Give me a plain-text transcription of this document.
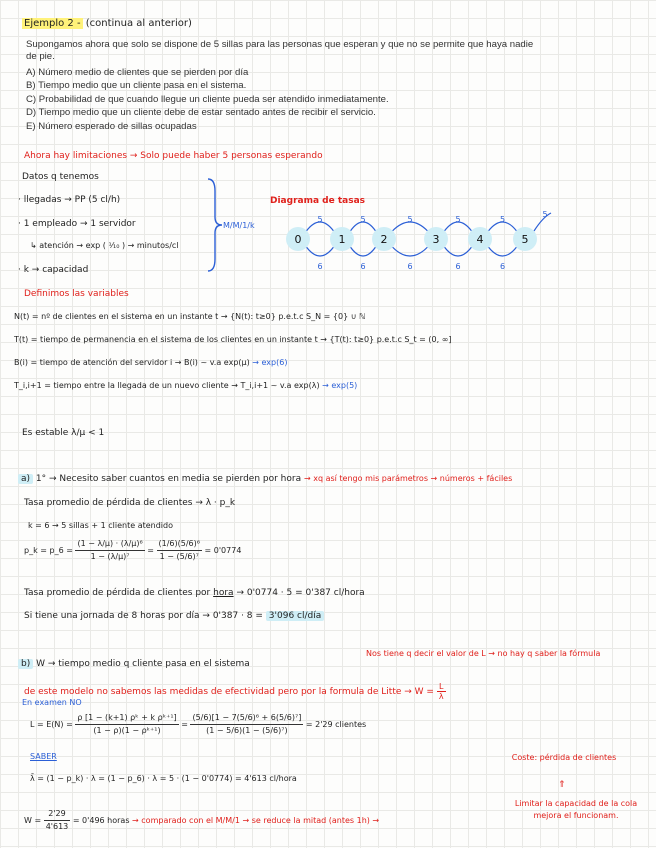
Ejemplo 2 - (continua al anterior)
Supongamos ahora que solo se dispone de 5 sillas para las personas que esperan y que no se permite que haya nadie
de pie.
A) Número medio de clientes que se pierden por día
B) Tiempo medio que un cliente pasa en el sistema.
C) Probabilidad de que cuando llegue un cliente pueda ser atendido inmediatamente.
D) Tiempo medio que un cliente debe de estar sentado antes de recibir el servicio.
E) Número esperado de sillas ocupadas
Ahora hay limitaciones → Solo puede haber 5 personas esperando
Datos q tenemos
· llegadas → PP (5 cl/h)
· 1 empleado → 1 servidor
↳ atención → exp ( ¹⁄₁₀ ) → minutos/cl
· k → capacidad
M/M/1/k
Diagrama de tasas
5
6
5
6
5
6
5
6
5
6
5
0	1	2	3	4	5
Definimos las variables
N(t) = nº de clientes en el sistema en un instante t → {N(t): t≥0} p.e.t.c S_N = {0} ∪ ℕ
T(t) = tiempo de permanencia en el sistema de los clientes en un instante t → {T(t): t≥0} p.e.t.c S_t = (0, ∞]
B(i) = tiempo de atención del servidor i → B(i) ~ v.a exp(μ) → exp(6)
T_i,i+1 = tiempo entre la llegada de un nuevo cliente → T_i,i+1 ~ v.a exp(λ) → exp(5)
Es estable λ/μ < 1
a) 1° → Necesito saber cuantos en media se pierden por hora → xq así tengo mis parámetros → números + fáciles
Tasa promedio de pérdida de clientes → λ · p_k
k = 6 → 5 sillas + 1 cliente atendido
p_k = p_6 = $\frac{\text{(1 − λ/μ) · (λ/μ)⁶}}{\text{1 − (λ/μ)⁷}} = \frac{\text{(1/6)(5/6)⁶}}{\text{1 − (5/6)⁷}} = 0'0774$
Tasa promedio de pérdida de clientes por hora → 0'0774 · 5 = 0'387 cl/hora
Si tiene una jornada de 8 horas por día → 0'387 · 8 = 3'096 cl/día
Nos tiene q decir el valor de L → no hay q saber la fórmula
b) W → tiempo medio q cliente pasa en el sistema
de este modelo no sabemos las medidas de efectividad pero por la formula de Litte → $W = \frac{L}{\lambdā}$
En examen NO
$L = E(N) = \frac{\text{ρ [1 − (k+1) ρᵏ + k ρᵏ⁺¹]}}{\text{(1 − ρ)(1 − ρᵏ⁺¹)}} = \frac{\text{(5/6)[1 − 7(5/6)⁶ + 6(5/6)⁷]}}{\text{(1 − 5/6)(1 − (5/6)⁷)}} = 2'29$ clientes
SABER
λ̄ = (1 − p_k) · λ = (1 − p_6) · λ = 5 · (1 − 0'0774) = 4'613 cl/hora
$W = \frac{2'29}{4'613} = 0'496$ horas → comparado con el M/M/1 → se reduce la mitad (antes 1h) →
Coste: pérdida de clientes
⇑
Limitar la capacidad de la cola mejora el funcionam.
